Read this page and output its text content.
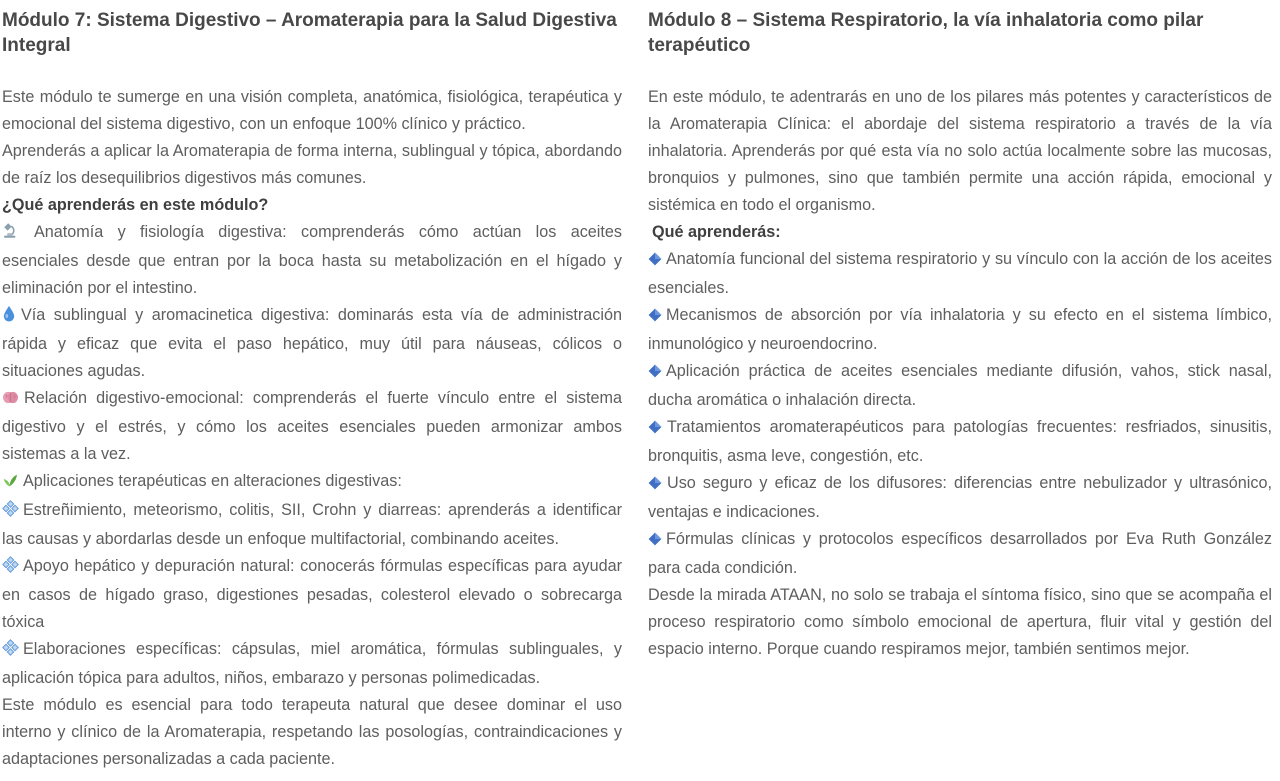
Módulo 7: Sistema Digestivo – Aromaterapia para la Salud Digestiva Integral

Este módulo te sumerge en una visión completa, anatómica, fisiológica, terapéutica y emocional del sistema digestivo, con un enfoque 100% clínico y práctico.

Aprenderás a aplicar la Aromaterapia de forma interna, sublingual y tópica, abordando de raíz los desequilibrios digestivos más comunes.

¿Qué aprenderás en este módulo?

Anatomía y fisiología digestiva: comprenderás cómo actúan los aceites esenciales desde que entran por la boca hasta su metabolización en el hígado y eliminación por el intestino.

Vía sublingual y aromacinetica digestiva: dominarás esta vía de administración rápida y eficaz que evita el paso hepático, muy útil para náuseas, cólicos o situaciones agudas.

Relación digestivo-emocional: comprenderás el fuerte vínculo entre el sistema digestivo y el estrés, y cómo los aceites esenciales pueden armonizar ambos sistemas a la vez.

Aplicaciones terapéuticas en alteraciones digestivas:

Estreñimiento, meteorismo, colitis, SII, Crohn y diarreas: aprenderás a identificar las causas y abordarlas desde un enfoque multifactorial, combinando aceites.

Apoyo hepático y depuración natural: conocerás fórmulas específicas para ayudar en casos de hígado graso, digestiones pesadas, colesterol elevado o sobrecarga tóxica

Elaboraciones específicas: cápsulas, miel aromática, fórmulas sublinguales, y aplicación tópica para adultos, niños, embarazo y personas polimedicadas.

Este módulo es esencial para todo terapeuta natural que desee dominar el uso interno y clínico de la Aromaterapia, respetando las posologías, contraindicaciones y adaptaciones personalizadas a cada paciente.

Módulo 8 – Sistema Respiratorio, la vía inhalatoria como pilar terapéutico

En este módulo, te adentrarás en uno de los pilares más potentes y característicos de la Aromaterapia Clínica: el abordaje del sistema respiratorio a través de la vía inhalatoria. Aprenderás por qué esta vía no solo actúa localmente sobre las mucosas, bronquios y pulmones, sino que también permite una acción rápida, emocional y sistémica en todo el organismo.

Qué aprenderás:

Anatomía funcional del sistema respiratorio y su vínculo con la acción de los aceites esenciales.

Mecanismos de absorción por vía inhalatoria y su efecto en el sistema límbico, inmunológico y neuroendocrino.

Aplicación práctica de aceites esenciales mediante difusión, vahos, stick nasal, ducha aromática o inhalación directa.

Tratamientos aromaterapéuticos para patologías frecuentes: resfriados, sinusitis, bronquitis, asma leve, congestión, etc.

Uso seguro y eficaz de los difusores: diferencias entre nebulizador y ultrasónico, ventajas e indicaciones.

Fórmulas clínicas y protocolos específicos desarrollados por Eva Ruth González para cada condición.

Desde la mirada ATAAN, no solo se trabaja el síntoma físico, sino que se acompaña el proceso respiratorio como símbolo emocional de apertura, fluir vital y gestión del espacio interno. Porque cuando respiramos mejor, también sentimos mejor.
